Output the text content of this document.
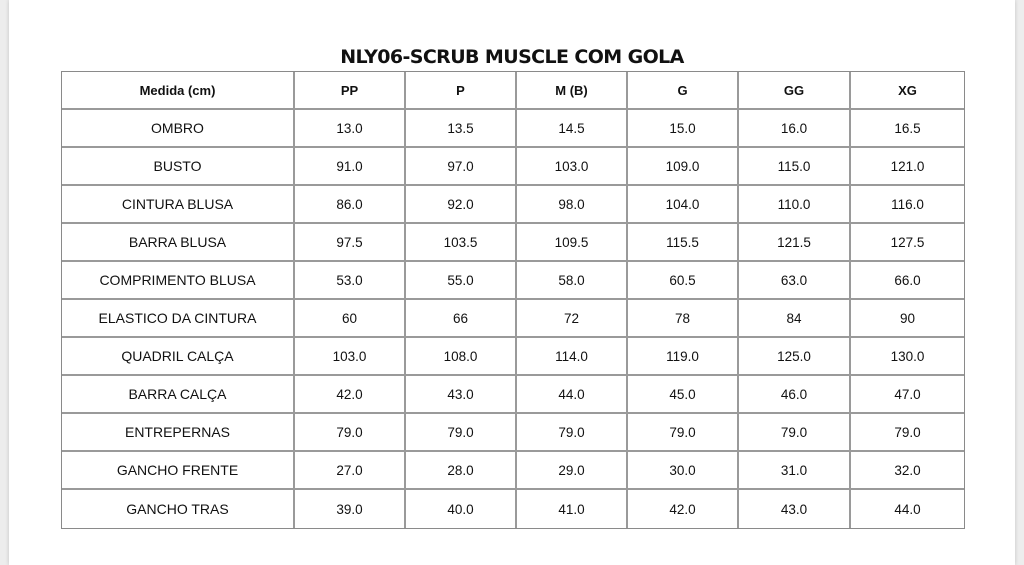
NLY06-SCRUB MUSCLE COM GOLA
Medida (cm)	PP	P	M (B)	G	GG	XG
OMBRO	13.0	13.5	14.5	15.0	16.0	16.5
BUSTO	91.0	97.0	103.0	109.0	115.0	121.0
CINTURA BLUSA	86.0	92.0	98.0	104.0	110.0	116.0
BARRA BLUSA	97.5	103.5	109.5	115.5	121.5	127.5
COMPRIMENTO BLUSA	53.0	55.0	58.0	60.5	63.0	66.0
ELASTICO DA CINTURA	60	66	72	78	84	90
QUADRIL CALÇA	103.0	108.0	114.0	119.0	125.0	130.0
BARRA CALÇA	42.0	43.0	44.0	45.0	46.0	47.0
ENTREPERNAS	79.0	79.0	79.0	79.0	79.0	79.0
GANCHO FRENTE	27.0	28.0	29.0	30.0	31.0	32.0
GANCHO TRAS	39.0	40.0	41.0	42.0	43.0	44.0
